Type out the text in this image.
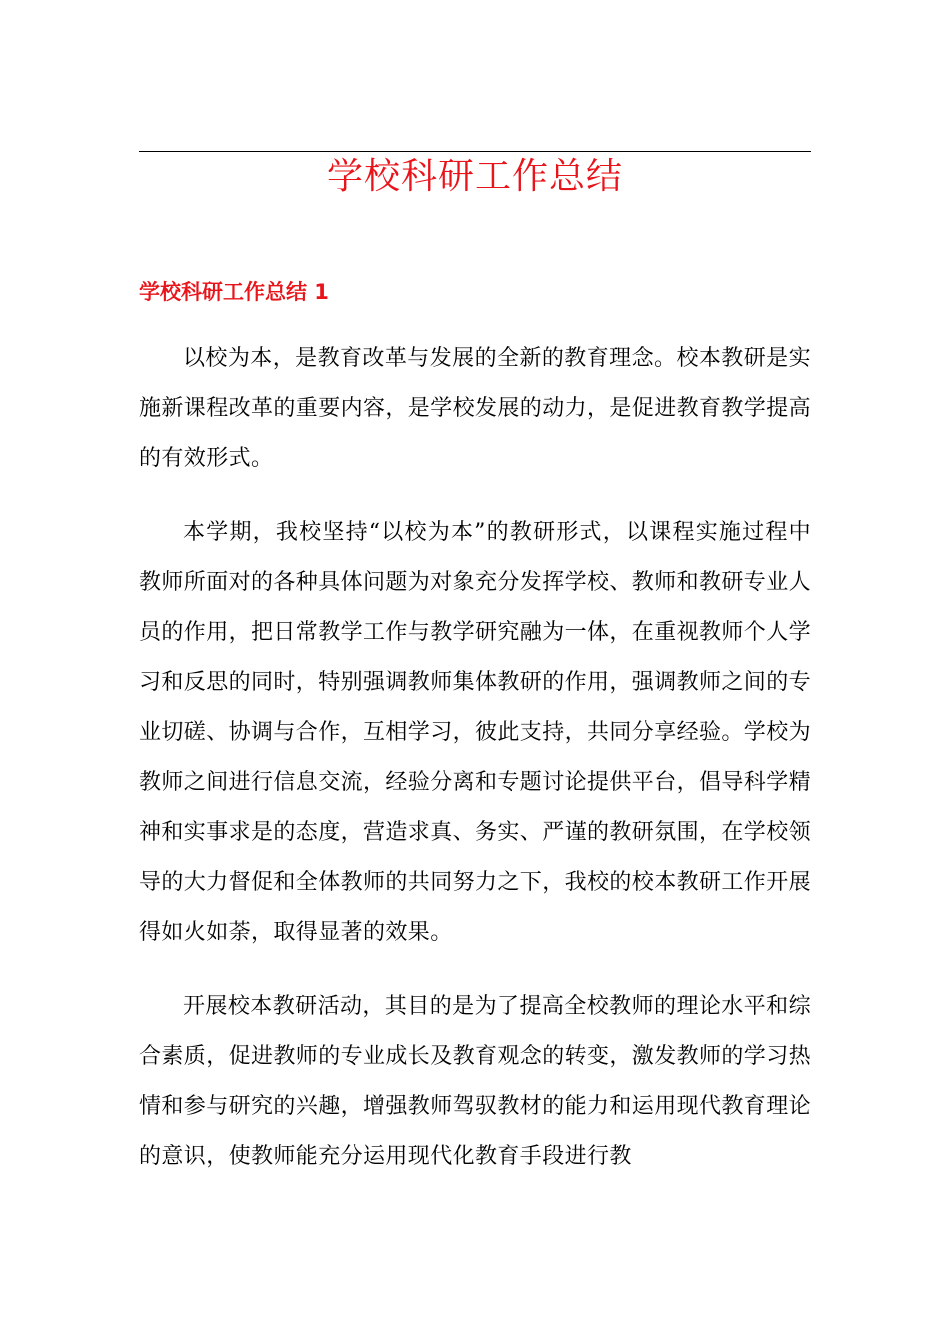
学校科研工作总结
学校科研工作总结 1

以校为本，是教育改革与发展的全新的教育理念。校本教研是实施新课程改革的重要内容，是学校发展的动力，是促进教育教学提高的有效形式。

本学期，我校坚持“以校为本”的教研形式，以课程实施过程中教师所面对的各种具体问题为对象充分发挥学校、教师和教研专业人员的作用，把日常教学工作与教学研究融为一体，在重视教师个人学习和反思的同时，特别强调教师集体教研的作用，强调教师之间的专业切磋、协调与合作，互相学习，彼此支持，共同分享经验。学校为教师之间进行信息交流，经验分离和专题讨论提供平台，倡导科学精神和实事求是的态度，营造求真、务实、严谨的教研氛围，在学校领导的大力督促和全体教师的共同努力之下，我校的校本教研工作开展得如火如荼，取得显著的效果。

开展校本教研活动，其目的是为了提高全校教师的理论水平和综合素质，促进教师的专业成长及教育观念的转变，激发教师的学习热情和参与研究的兴趣，增强教师驾驭教材的能力和运用现代教育理论的意识，使教师能充分运用现代化教育手段进行教
